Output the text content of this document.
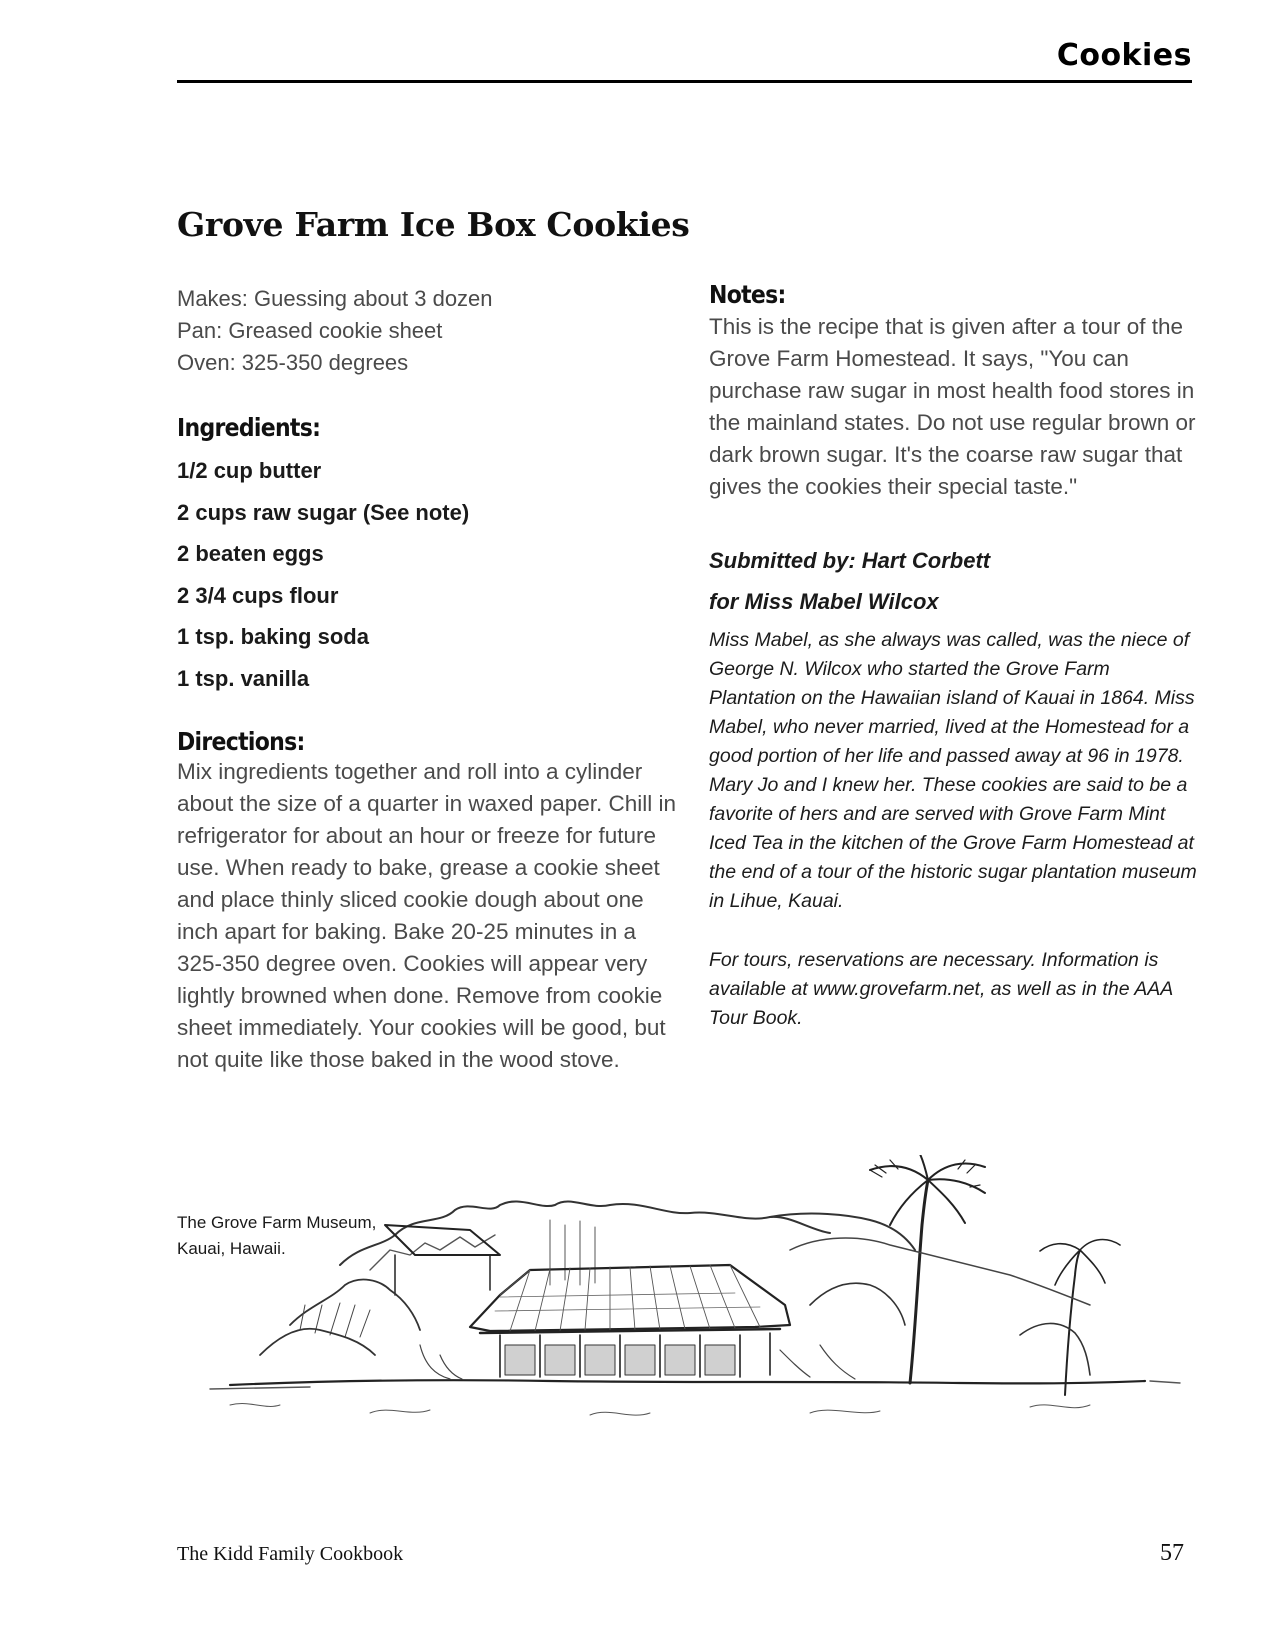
Cookies
Grove Farm Ice Box Cookies
Makes: Guessing about 3 dozen
Pan: Greased cookie sheet
Oven: 325-350 degrees
Ingredients:
1/2 cup butter
2 cups raw sugar (See note)
2 beaten eggs
2 3/4 cups flour
1 tsp. baking soda
1 tsp. vanilla
Directions:

Mix ingredients together and roll into a cylinder about the size of a quarter in waxed paper. Chill in refrigerator for about an hour or freeze for future use. When ready to bake, grease a cookie sheet and place thinly sliced cookie dough about one inch apart for baking. Bake 20-25 minutes in a 325-350 degree oven. Cookies will appear very lightly browned when done. Remove from cookie sheet immediately. Your cookies will be good, but not quite like those baked in the wood stove.

Notes:

This is the recipe that is given after a tour of the Grove Farm Homestead. It says, "You can purchase raw sugar in most health food stores in the mainland states. Do not use regular brown or dark brown sugar. It's the coarse raw sugar that gives the cookies their special taste."

Submitted by: Hart Corbett
for Miss Mabel Wilcox

Miss Mabel, as she always was called, was the niece of George N. Wilcox who started the Grove Farm Plantation on the Hawaiian island of Kauai in 1864. Miss Mabel, who never married, lived at the Homestead for a good portion of her life and passed away at 96 in 1978. Mary Jo and I knew her. These cookies are said to be a favorite of hers and are served with Grove Farm Mint Iced Tea in the kitchen of the Grove Farm Homestead at the end of a tour of the historic sugar plantation museum in Lihue, Kauai.

For tours, reservations are necessary. Information is available at www.grovefarm.net, as well as in the AAA Tour Book.

The Grove Farm Museum,
Kauai, Hawaii.
The Kidd Family Cookbook	57
